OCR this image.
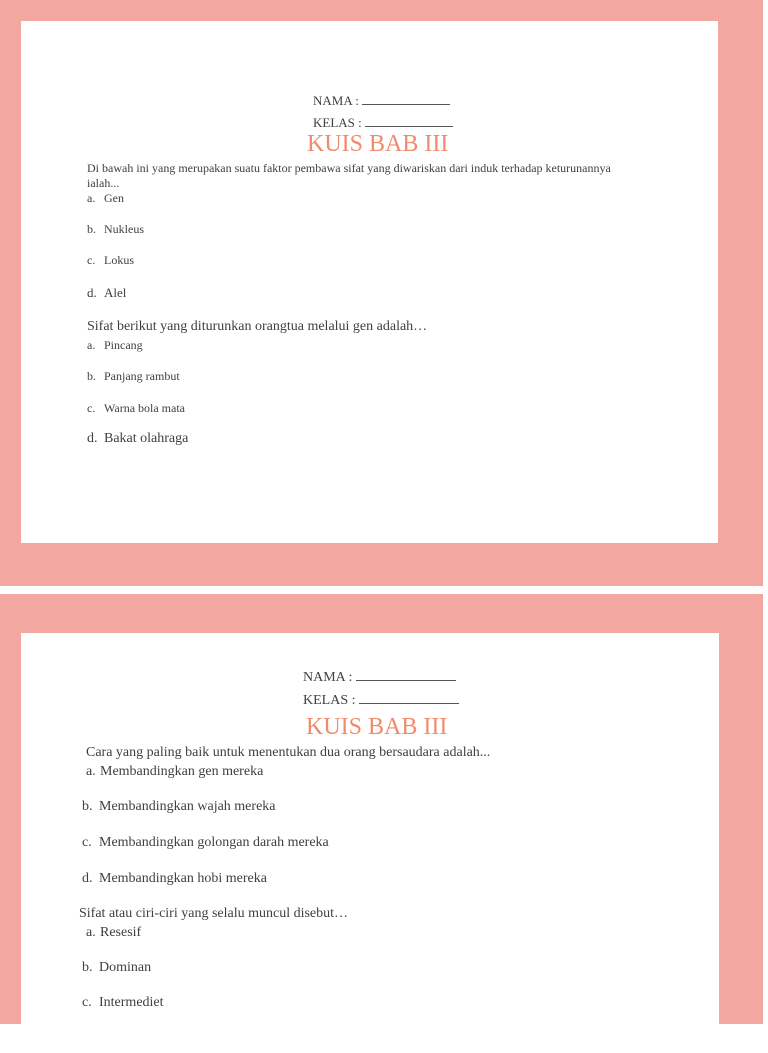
NAMA :
KELAS :
KUIS BAB III
Di bawah ini yang merupakan suatu faktor pembawa sifat yang diwariskan dari induk terhadap keturunannya
ialah...
a. Gen
b. Nukleus
c. Lokus
d. Alel
Sifat berikut yang diturunkan orangtua melalui gen adalah…
a. Pincang
b. Panjang rambut
c. Warna bola mata
d. Bakat olahraga
NAMA :
KELAS :
KUIS BAB III
Cara yang paling baik untuk menentukan dua orang bersaudara adalah...
a. Membandingkan gen mereka
b. Membandingkan wajah mereka
c. Membandingkan golongan darah mereka
d. Membandingkan hobi mereka
Sifat atau ciri-ciri yang selalu muncul disebut…
a. Resesif
b. Dominan
c. Intermediet
